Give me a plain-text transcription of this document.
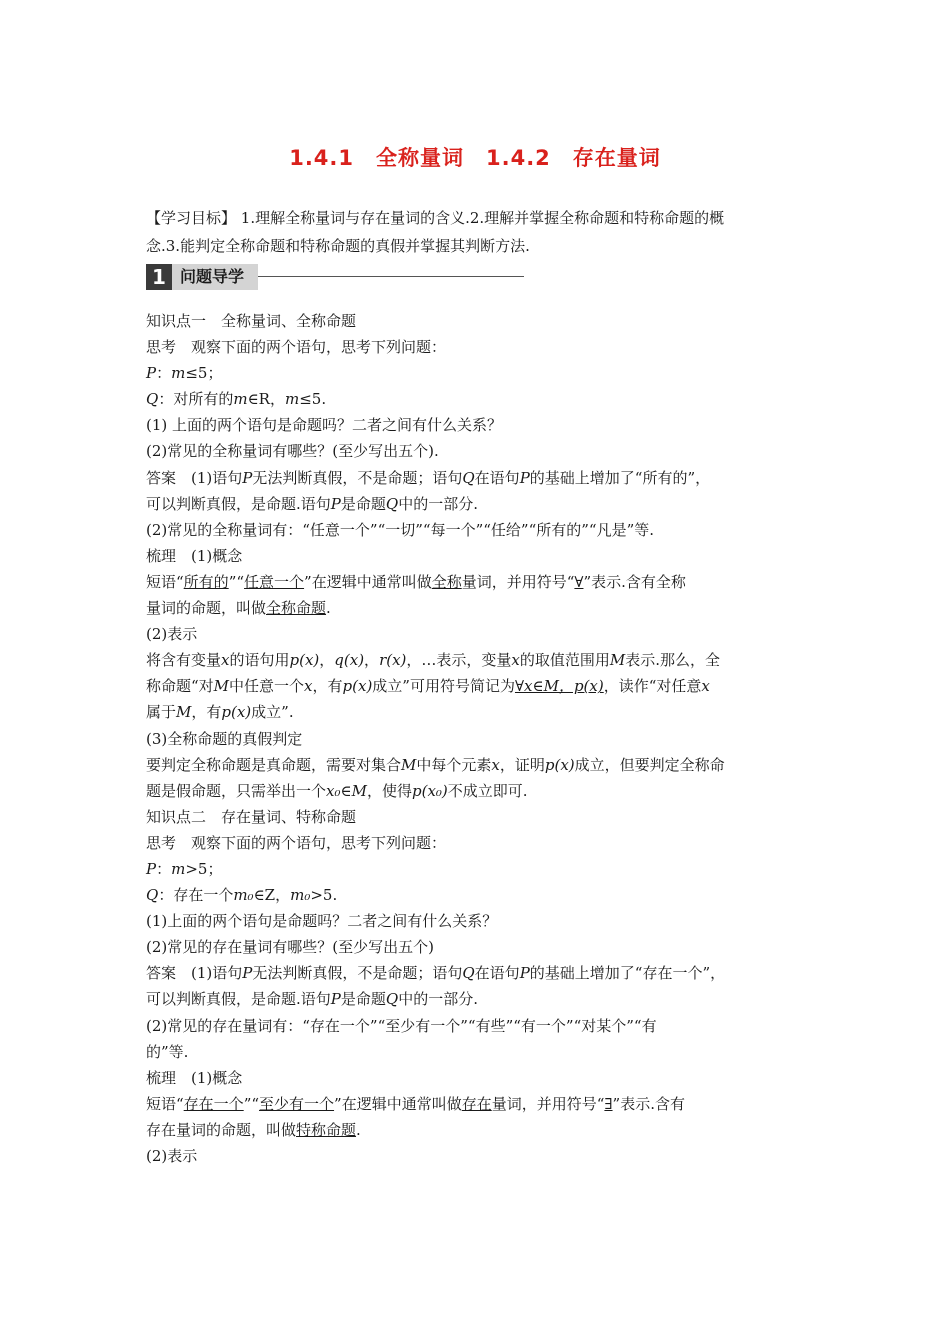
1.4.1　全称量词　1.4.2　存在量词
【学习目标】 1.理解全称量词与存在量词的含义.2.理解并掌握全称命题和特称命题的概
念.3.能判定全称命题和特称命题的真假并掌握其判断方法.
1 问题导学

知识点一　全称量词、全称命题

思考　观察下面的两个语句，思考下列问题：

P：m≤5；

Q：对所有的m∈R，m≤5.

(1) 上面的两个语句是命题吗？二者之间有什么关系？

(2)常见的全称量词有哪些？(至少写出五个).

答案　(1)语句P无法判断真假，不是命题；语句Q在语句P的基础上增加了“所有的”，

可以判断真假，是命题.语句P是命题Q中的一部分.

(2)常见的全称量词有：“任意一个”“一切”“每一个”“任给”“所有的”“凡是”等.

梳理　(1)概念

短语“所有的”“任意一个”在逻辑中通常叫做全称量词，并用符号“∀”表示.含有全称

量词的命题，叫做全称命题.

(2)表示

将含有变量x的语句用p(x)，q(x)，r(x)，…表示，变量x的取值范围用M表示.那么，全

称命题“对M中任意一个x，有p(x)成立”可用符号简记为∀x∈M，p(x)，读作“对任意x

属于M，有p(x)成立”.

(3)全称命题的真假判定

要判定全称命题是真命题，需要对集合M中每个元素x，证明p(x)成立，但要判定全称命

题是假命题，只需举出一个x₀∈M，使得p(x₀)不成立即可.

知识点二　存在量词、特称命题

思考　观察下面的两个语句，思考下列问题：

P：m>5；

Q：存在一个m₀∈Z，m₀>5.

(1)上面的两个语句是命题吗？二者之间有什么关系？

(2)常见的存在量词有哪些？(至少写出五个)

答案　(1)语句P无法判断真假，不是命题；语句Q在语句P的基础上增加了“存在一个”，

可以判断真假，是命题.语句P是命题Q中的一部分.

(2)常见的存在量词有：“存在一个”“至少有一个”“有些”“有一个”“对某个”“有

的”等.

梳理　(1)概念

短语“存在一个”“至少有一个”在逻辑中通常叫做存在量词，并用符号“∃”表示.含有

存在量词的命题，叫做特称命题.

(2)表示
